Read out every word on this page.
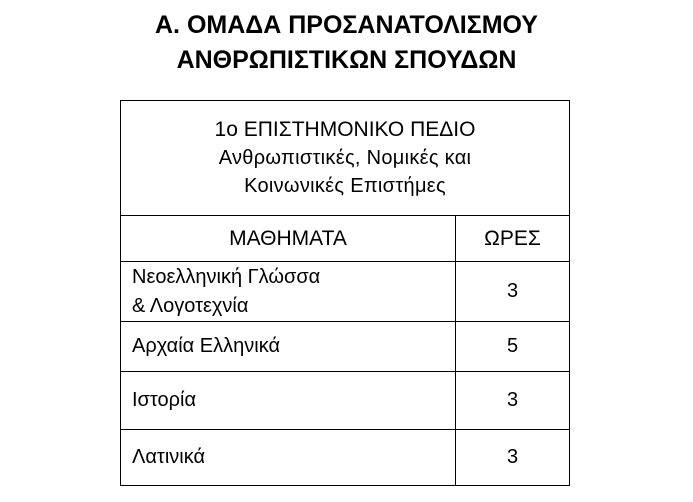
Α. ΟΜΑΔΑ ΠΡΟΣΑΝΑΤΟΛΙΣΜΟΥ
ΑΝΘΡΩΠΙΣΤΙΚΩΝ ΣΠΟΥΔΩΝ
1ο ΕΠΙΣΤΗΜΟΝΙΚΟ ΠΕΔΙΟ
Ανθρωπιστικές, Νομικές και
Κοινωνικές Επιστήμες	

ΜΑΘΗΜΑΤΑ	ΩΡΕΣ

Νεοελληνική Γλώσσα
& Λογοτεχνία	3
Αρχαία Ελληνικά	5
Ιστορία	3
Λατινικά	3
